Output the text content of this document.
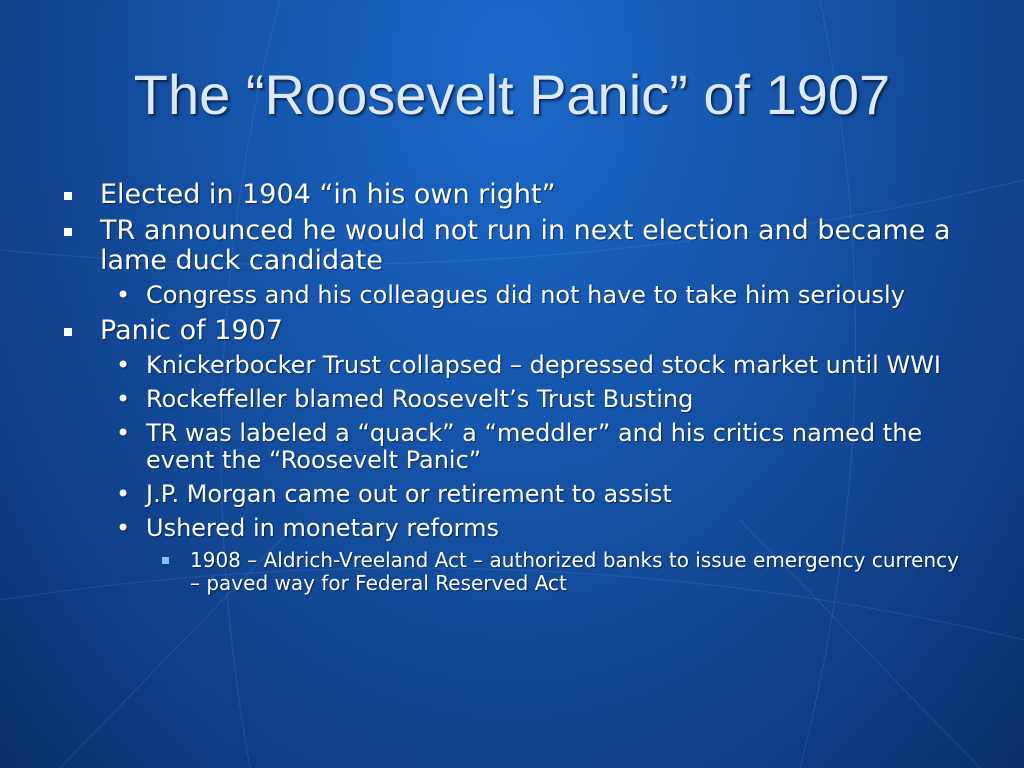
The “Roosevelt Panic” of 1907
Elected in 1904 “in his own right”
TR announced he would not run in next election and became a lame duck candidate
• Congress and his colleagues did not have to take him seriously
Panic of 1907
• Knickerbocker Trust collapsed – depressed stock market until WWI
• Rockeffeller blamed Roosevelt’s Trust Busting
• TR was labeled a “quack” a “meddler” and his critics named the event the “Roosevelt Panic”
• J.P. Morgan came out or retirement to assist
• Ushered in monetary reforms
1908 – Aldrich-Vreeland Act – authorized banks to issue emergency currency – paved way for Federal Reserved Act
